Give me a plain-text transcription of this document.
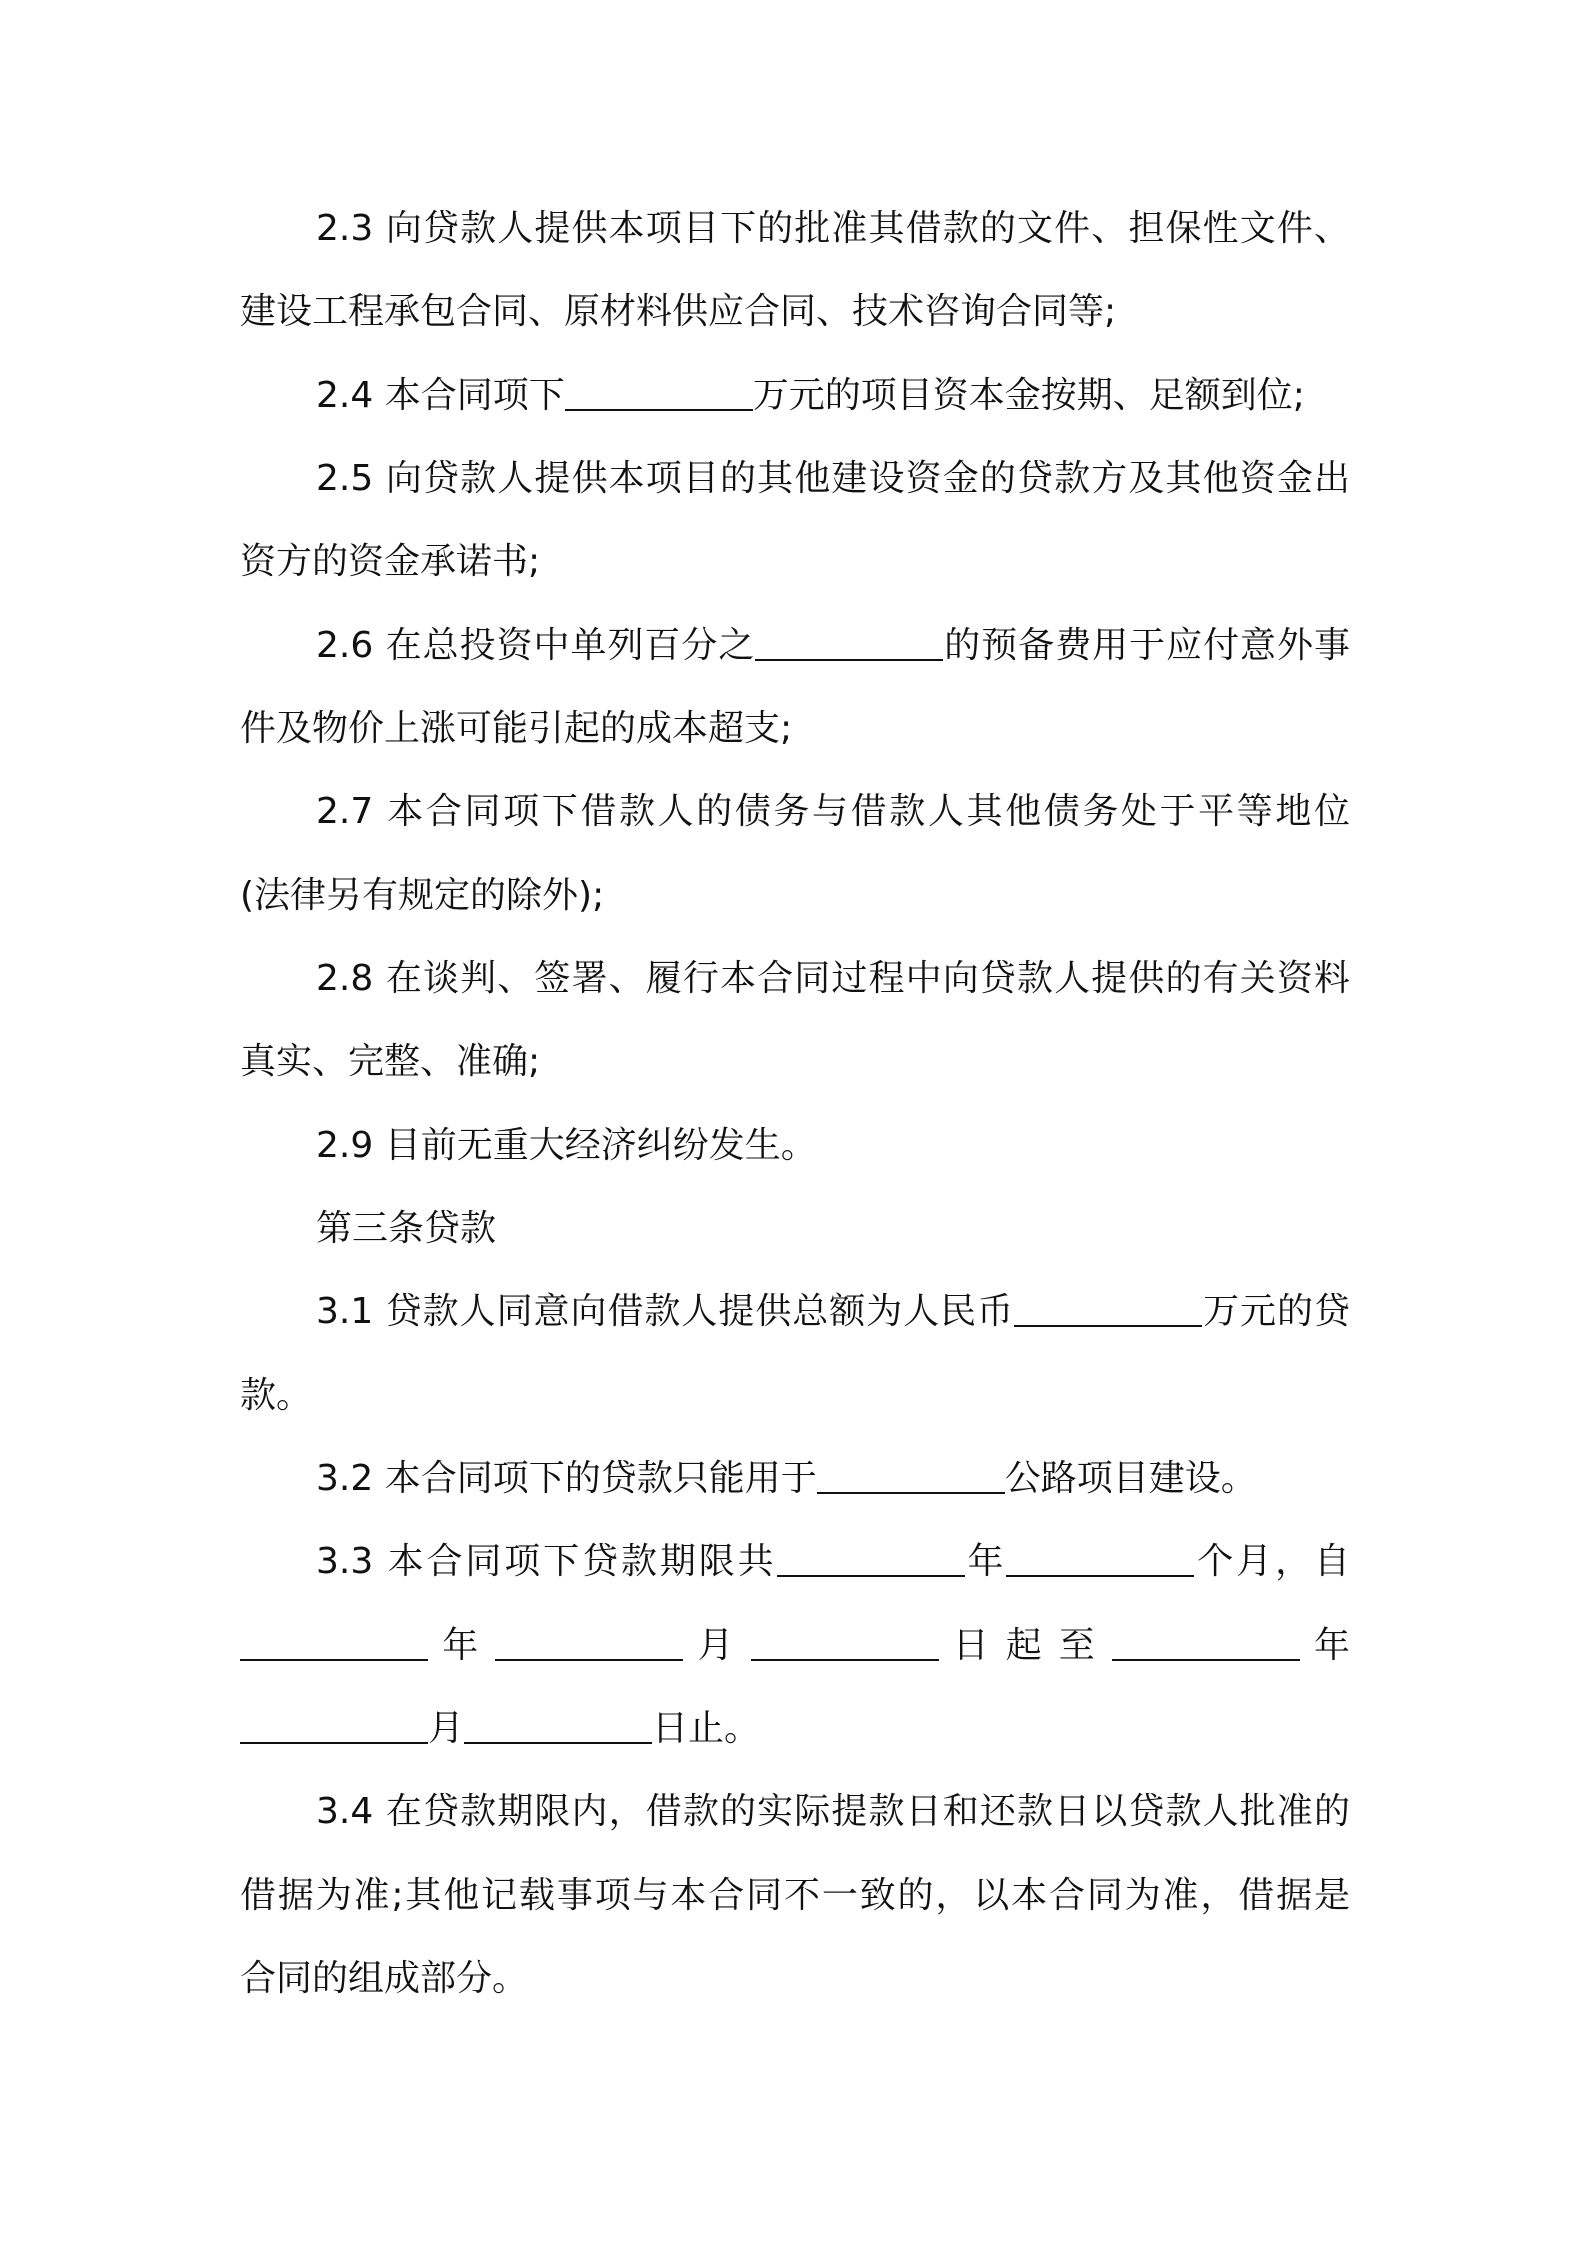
2.3 向贷款人提供本项目下的批准其借款的文件、担保性文件、
建设工程承包合同、原材料供应合同、技术咨询合同等;
2.4 本合同项下	万元的项目资本金按期、足额到位;
2.5 向贷款人提供本项目的其他建设资金的贷款方及其他资金出
资方的资金承诺书;
2.6 在总投资中单列百分之	的预备费用于应付意外事
件及物价上涨可能引起的成本超支;
2.7 本合同项下借款人的债务与借款人其他债务处于平等地位
(法律另有规定的除外);
2.8 在谈判、签署、履行本合同过程中向贷款人提供的有关资料
真实、完整、准确;
2.9 目前无重大经济纠纷发生。
第三条贷款
3.1 贷款人同意向借款人提供总额为人民币	万元的贷
款。
3.2 本合同项下的贷款只能用于	公路项目建设。
3.3 本合同项下贷款期限共	年	个月，自
年	月	日 起 至	年
月	日止。
3.4 在贷款期限内，借款的实际提款日和还款日以贷款人批准的
借据为准;其他记载事项与本合同不一致的，以本合同为准，借据是
合同的组成部分。
